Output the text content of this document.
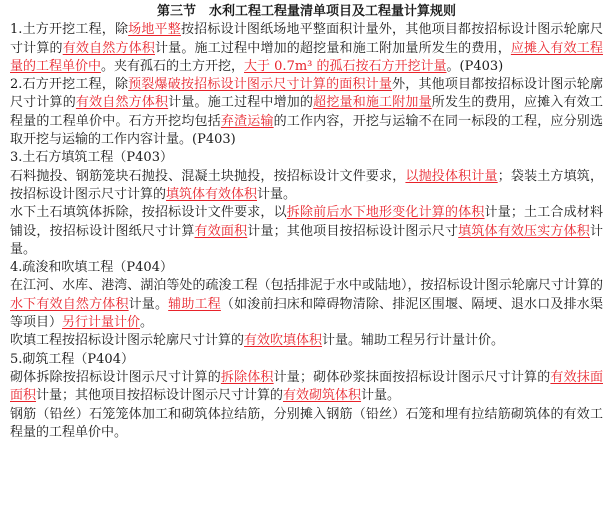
第三节　水利工程工程量清单项目及工程量计算规则

1.土方开挖工程，除场地平整按招标设计图纸场地平整面积计量外，其他项目都按招标设计图示轮廓尺寸计算的有效自然方体积计量。施工过程中增加的超挖量和施工附加量所发生的费用，应摊入有效工程量的工程单价中。夹有孤石的土方开挖，大于 0.7m³ 的孤石按石方开挖计量。(P403)

2.石方开挖工程，除预裂爆破按招标设计图示尺寸计算的面积计量外，其他项目都按招标设计图示轮廓尺寸计算的有效自然方体积计量。施工过程中增加的超挖量和施工附加量所发生的费用，应摊入有效工程量的工程单价中。石方开挖均包括弃渣运输的工作内容，开挖与运输不在同一标段的工程，应分别选取开挖与运输的工作内容计量。(P403)

3.土石方填筑工程（P403）

石料抛投、钢筋笼块石抛投、混凝土块抛投，按招标设计文件要求，以抛投体积计量；袋装土方填筑，按招标设计图示尺寸计算的填筑体有效体积计量。

水下土石填筑体拆除，按招标设计文件要求，以拆除前后水下地形变化计算的体积计量；土工合成材料铺设，按招标设计图纸尺寸计算有效面积计量；其他项目按招标设计图示尺寸填筑体有效压实方体积计量。

4.疏浚和吹填工程（P404）

在江河、水库、港湾、湖泊等处的疏浚工程（包括排泥于水中或陆地），按招标设计图示轮廓尺寸计算的水下有效自然方体积计量。辅助工程（如浚前扫床和障碍物清除、排泥区围堰、隔埂、退水口及排水渠等项目）另行计量计价。

吹填工程按招标设计图示轮廓尺寸计算的有效吹填体积计量。辅助工程另行计量计价。

5.砌筑工程（P404）

砌体拆除按招标设计图示尺寸计算的拆除体积计量；砌体砂浆抹面按招标设计图示尺寸计算的有效抹面面积计量；其他项目按招标设计图示尺寸计算的有效砌筑体积计量。

钢筋（铅丝）石笼笼体加工和砌筑体拉结筋，分别摊入钢筋（铅丝）石笼和埋有拉结筋砌筑体的有效工程量的工程单价中。
